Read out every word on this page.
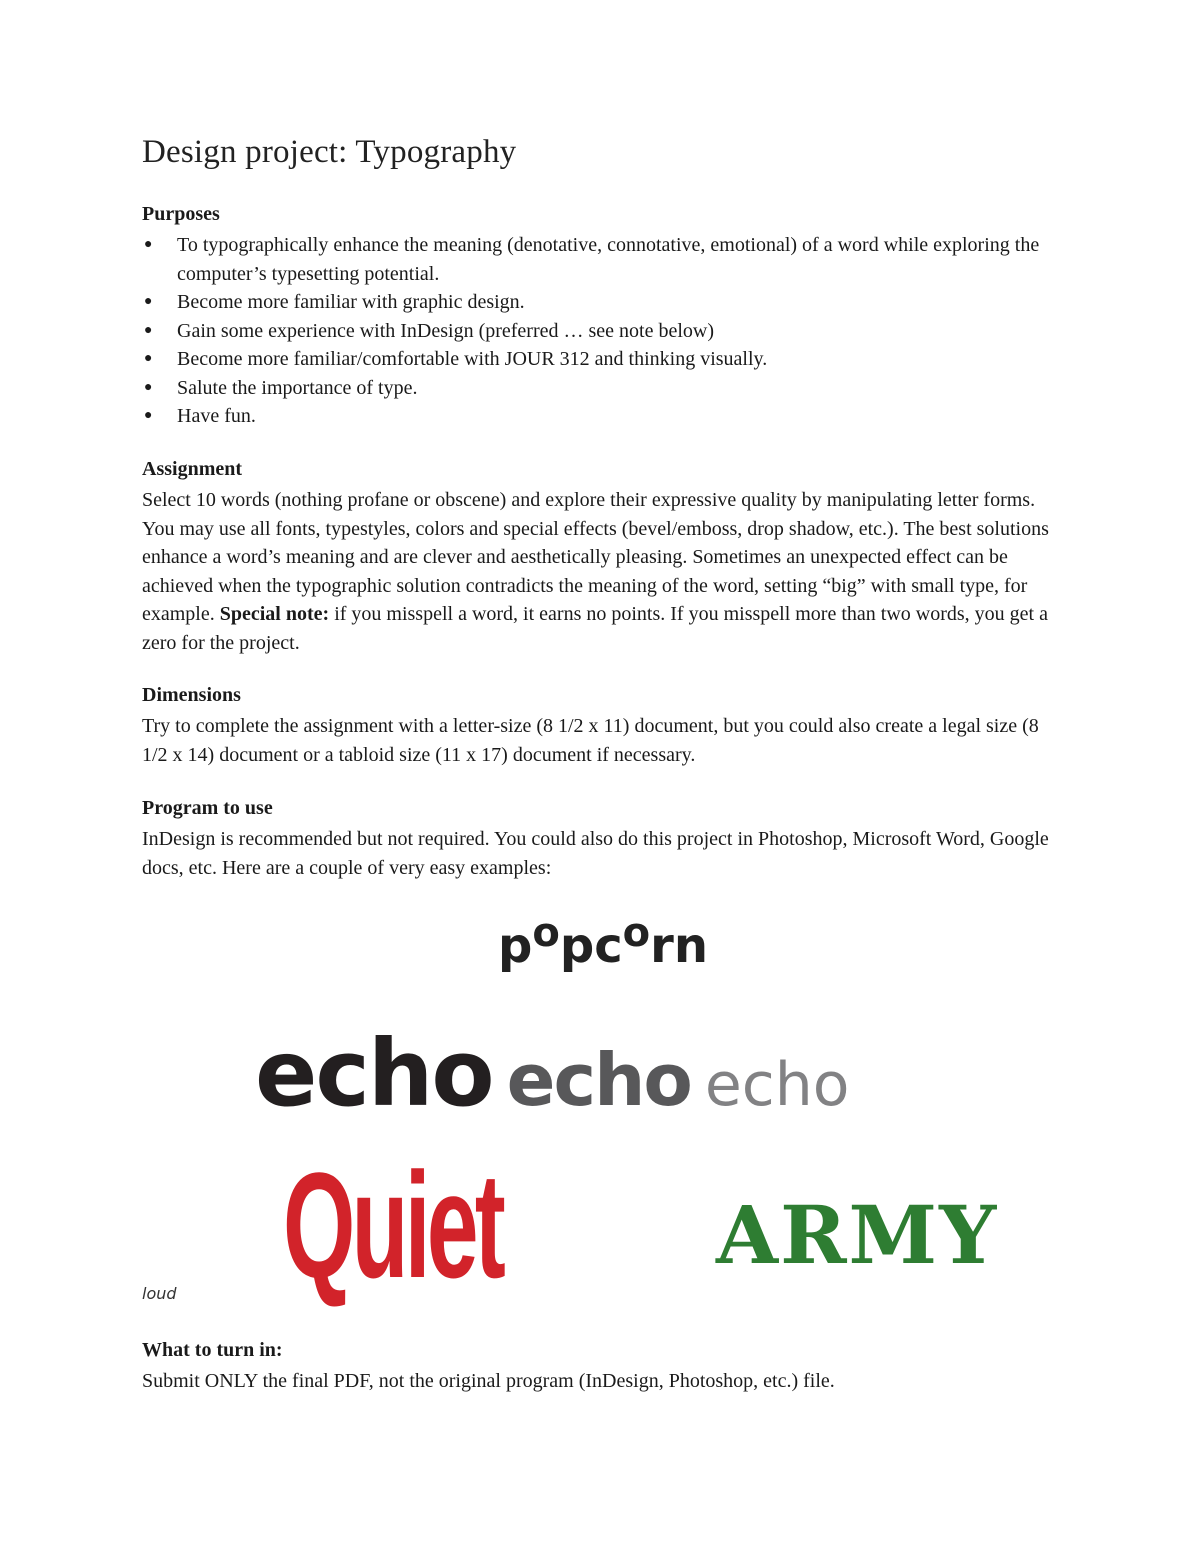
Design project: Typography
Purposes
● To typographically enhance the meaning (denotative, connotative, emotional) of a word while exploring the computer’s typesetting potential.
● Become more familiar with graphic design.
● Gain some experience with InDesign (preferred … see note below)
● Become more familiar/comfortable with JOUR 312 and thinking visually.
● Salute the importance of type.
● Have fun.
Assignment

Select 10 words (nothing profane or obscene) and explore their expressive quality by manipulating letter forms. You may use all fonts, typestyles, colors and special effects (bevel/emboss, drop shadow, etc.). The best solutions enhance a word’s meaning and are clever and aesthetically pleasing. Sometimes an unexpected effect can be achieved when the typographic solution contradicts the meaning of the word, setting “big” with small type, for example. Special note: if you misspell a word, it earns no points. If you misspell more than two words, you get a zero for the project.

Dimensions

Try to complete the assignment with a letter-size (8 1/2 x 11) document, but you could also create a legal size (8 1/2 x 14) document or a tabloid size (11 x 17) document if necessary.

Program to use

InDesign is recommended but not required. You could also do this project in Photoshop, Microsoft Word, Google docs, etc. Here are a couple of very easy examples:

$p^opc^orn$
echo echo echo
loud Quiet	ARMY
What to turn in:

Submit ONLY the final PDF, not the original program (InDesign, Photoshop, etc.) file.
